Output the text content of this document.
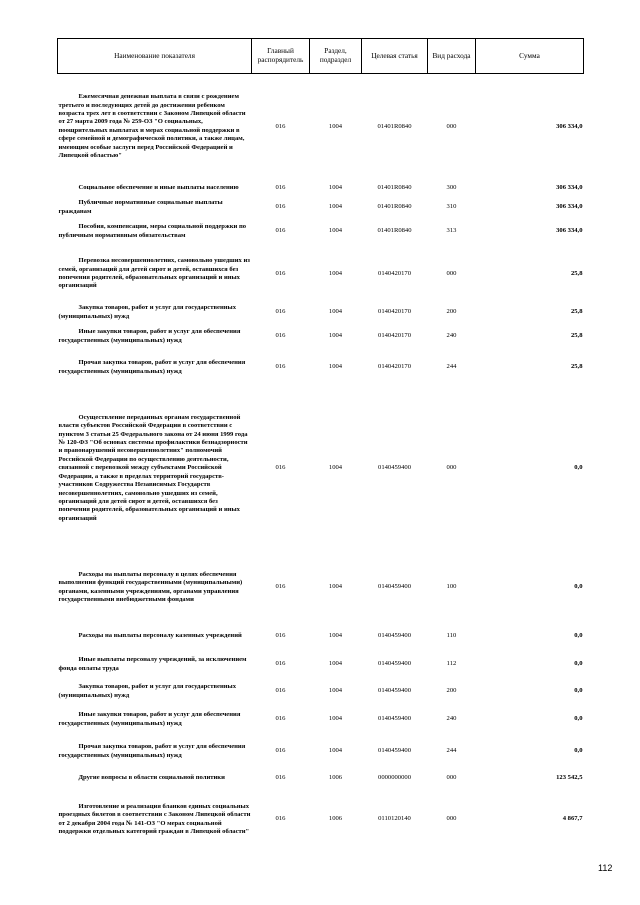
Наименование показателя	Главный распорядитель	Раздел, подраздел	Целевая статья	Вид расхода	Сумма
Ежемесячная денежная выплата в связи с рождением третьего и последующих детей до достижения ребенком возраста трех лет в соответствии с Законом Липецкой области от 27 марта 2009 года № 259-ОЗ "О социальных, поощрительных выплатах и мерах социальной поддержки в сфере семейной и демографической политики, а также лицам, имеющим особые заслуги перед Российской Федерацией и Липецкой областью"	016	1004	01401R0840	000	306 334,0
Социальное обеспечение и иные выплаты населению	016	1004	01401R0840	300	306 334,0
Публичные нормативные социальные выплаты гражданам	016	1004	01401R0840	310	306 334,0
Пособия, компенсации, меры социальной поддержки по публичным нормативным обязательствам	016	1004	01401R0840	313	306 334,0
Перевозка несовершеннолетних, самовольно ушедших из семей, организаций для детей сирот и детей, оставшихся без попечения родителей, образовательных организаций и иных организаций	016	1004	0140420170	000	25,8
Закупка товаров, работ и услуг для государственных (муниципальных) нужд	016	1004	0140420170	200	25,8
Иные закупки товаров, работ и услуг для обеспечения государственных (муниципальных) нужд	016	1004	0140420170	240	25,8
Прочая закупка товаров, работ и услуг для обеспечения государственных (муниципальных) нужд	016	1004	0140420170	244	25,8
Осуществление переданных органам государственной власти субъектов Российской Федерации в соответствии с пунктом 3 статьи 25 Федерального закона от 24 июня 1999 года № 120-ФЗ "Об основах системы профилактики безнадзорности и правонарушений несовершеннолетних" полномочий Российской Федерации по осуществлению деятельности, связанной с перевозкой между субъектами Российской Федерации, а также в пределах территорий государств-участников Содружества Независимых Государств несовершеннолетних, самовольно ушедших из семей, организаций для детей сирот и детей, оставшихся без попечения родителей, образовательных организаций и иных организаций	016	1004	0140459400	000	0,0
Расходы на выплаты персоналу в целях обеспечения выполнения функций государственными (муниципальными) органами, казенными учреждениями, органами управления государственными внебюджетными фондами	016	1004	0140459400	100	0,0
Расходы на выплаты персоналу казенных учреждений	016	1004	0140459400	110	0,0
Иные выплаты персоналу учреждений, за исключением фонда оплаты труда	016	1004	0140459400	112	0,0
Закупка товаров, работ и услуг для государственных (муниципальных) нужд	016	1004	0140459400	200	0,0
Иные закупки товаров, работ и услуг для обеспечения государственных (муниципальных) нужд	016	1004	0140459400	240	0,0
Прочая закупка товаров, работ и услуг для обеспечения государственных (муниципальных) нужд	016	1004	0140459400	244	0,0
Другие вопросы в области социальной политики	016	1006	0000000000	000	123 542,5
Изготовление и реализация бланков единых социальных проездных билетов в соответствии с Законом Липецкой области от 2 декабря 2004 года № 141-ОЗ "О мерах социальной поддержки отдельных категорий граждан в Липецкой области"	016	1006	0110120140	000	4 867,7
112
